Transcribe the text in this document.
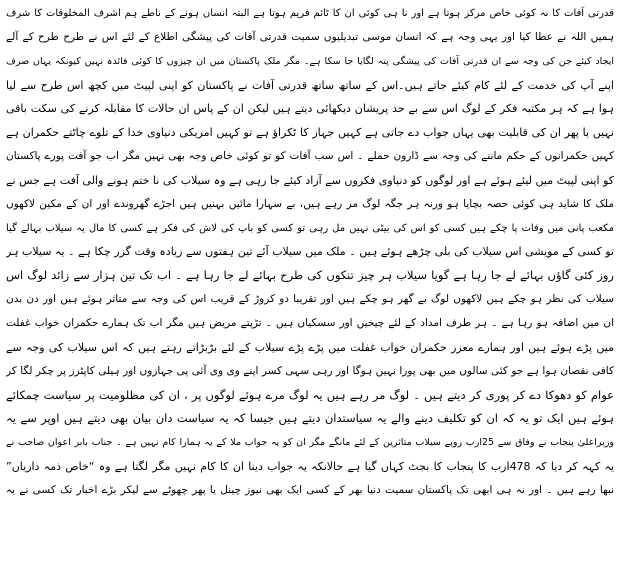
قدرتی آفات کا نہ کوئی خاص مرکز ہوتا ہے اور نا ہی کوئی ان کا ٹائم فریم ہوتا ہے البتہ انسان ہونے کے ناطے ہم اشرف المخلوقات کا شرف
ہمیں اللہ نے عطا کیا اور یہی وجہ ہے کہ انسان موسی تبدیلیوں سمیت قدرتی آفات کی پیشگی اطلاع کے لئے اس نے طرح طرح کے آلے
ایجاد کیئے جن کی وجہ سے ان قدرتی آفات کی پیشگی پتہ لگایا جا سکا ہے۔ مگر ملک پاکستان میں ان چیزوں کا کوئی فائدہ نہیں کیونکہ یہاں صرف
اپنے آپ کی خدمت کے لئے کام کیئے جاتے ہیں۔اس کے ساتھ ساتھ قدرتی آفات نے پاکستان کو اپنی لپیٹ میں کچھ اس طرح سے لیا
ہوا ہے کہ ہر مکتبہ فکر کے لوگ اس سے بے حد پریشان دیکھائی دیتے ہیں لیکن ان کے پاس ان حالات کا مقابلہ کرنے کی سکت باقی
نہیں یا پھر ان کی قابلیت بھی یہاں جواب دے جاتی ہے کہیں جہاز کا ٹکراؤ ہے تو کہیں امریکی دنیاوی خدا کے تلوے چاٹتے حکمران ہے
کہیں حکمرانوں کے حکم ماننے کی وجہ سے ڈارون حملے ۔ اس سب آفات کو تو کوئی خاص وجہ بھی نہیں مگر اب جو آفت پورے پاکستان
کو اپنی لپیٹ میں لیئے ہوئے ہے اور لوگوں کو دنیاوی فکروں سے آزاد کیئے جا رہی ہے وہ سیلاب کی نا ختم ہونے والی آفت ہے جس نے
ملک کا شاید ہی کوئی حصہ بچایا ہو ورنہ ہر جگہ لوگ مر رہے ہیں، بے سہارا مائیں بہنیں ہیں اجڑے گھروندے اور ان کے مکین لاکھوں
مکعب پانی میں وفات پا چکے ہیں کسی کو اس کی بیٹی نہیں مل رہی تو کسی کو باپ کی لاش کی فکر ہے کسی کا مال یہ سیلاب بہالے گیا
تو کسی کے مویشی اس سیلاب کی بلی چڑھے ہوئے ہیں ۔ ملک میں سیلاب آئے تین ہفتوں سے زیادہ وقت گزر چکا ہے ۔ یہ سیلاب ہر
روز کئی گاؤں بہائے لے جا رہا ہے گویا سیلاب ہر چیز تنکوں کی طرح بہائے لے جا رہا ہے ۔ اب تک تین ہزار سے زائد لوگ اس
سیلاب کی نظر ہو چکے ہیں لاکھوں لوگ بے گھر ہو چکے ہیں اور تقریبا دو کروڑ کے قریب اس کی وجہ سے متاثر ہوئے ہیں اور دن بدن
ان میں اضافہ ہو رہا ہے ۔ ہر طرف امداد کے لئے چیخیں اور سسکیاں ہیں ۔ تڑپتے مریض ہیں مگر اب تک ہمارے حکمران خواب غفلت
میں پڑے ہوئے ہیں اور ہمارے معزز حکمران خواب غفلت میں پڑے پڑے سیلاب کے لئے بڑبڑاتے رہتے ہیں کہ اس سیلاب کی وجہ سے
کافی نقصان ہوا ہے جو کئی سالوں میں بھی پورا نہیں ہوگا اور رہی سہی کسر اپنے وی وی آئی پی جہازوں اور ہیلی کاپٹرز پر چکر لگا کر
عوام کو دھوکا دے کر پوری کر دیتے ہیں ۔ لوگ مر رہے ہیں یہ لوگ مرے ہوئے لوگوں پر ، ان کی مظلومیت پر سیاست چمکائے
ہوئے ہیں ایک تو یہ کہ ان کو تکلیف دینے والے یہ سیاستدان دیتے ہیں جیسا کہ یہ سیاست دان بیان بھی دیتے ہیں اوپر سے یہ
وزیراعلیٰ پنجاب نے وفاق سے 25ارب روپے سیلاب متاثرین کے لئے مانگے مگر ان کو یہ جواب ملا کے یہ ہمارا کام نہیں ہے ۔ جناب بابر اعوان صاحب نے
یہ کہہ کر دیا کہ 478ارب کا پنجاب کا بجٹ کہاں گیا ہے حالانکہ یہ جواب دینا ان کا کام نہیں مگر لگتا ہے وہ “خاص ذمہ داریاں”
نبھا رہے ہیں ۔ اور نہ ہی ابھی تک پاکستان سمیت دنیا بھر کے کسی ایک بھی نیوز چینل یا پھر چھوٹے سے لیکر بڑے اخبار تک کسی نے یہ
